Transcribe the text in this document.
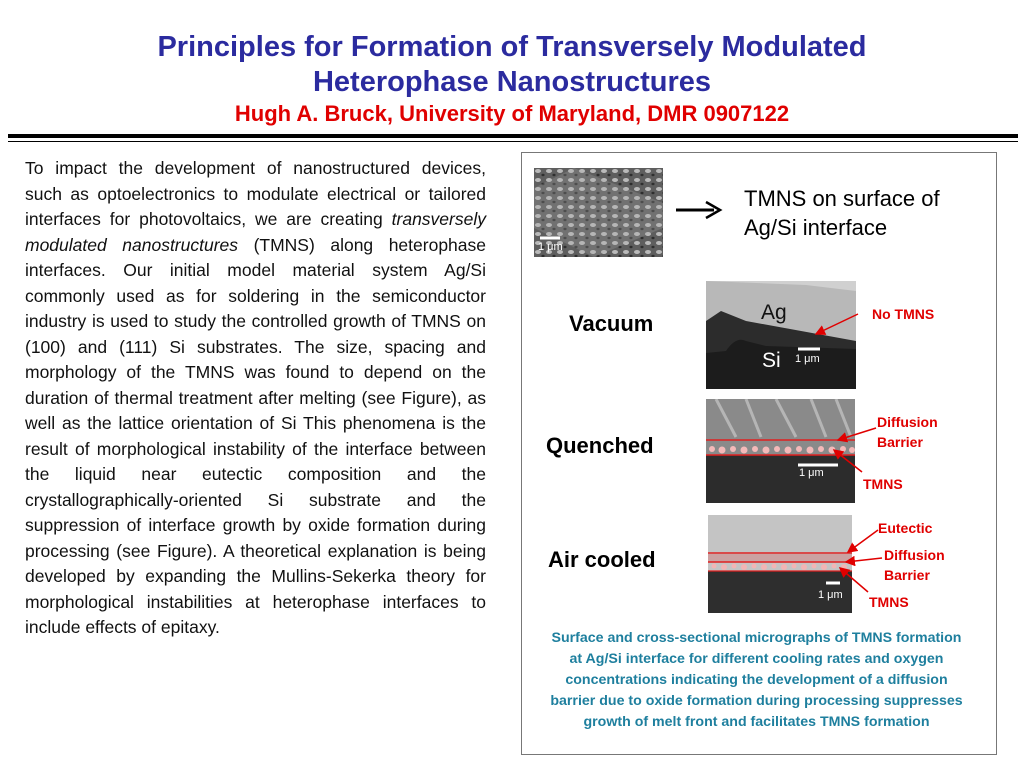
Principles for Formation of Transversely Modulated

Heterophase Nanostructures

Hugh A. Bruck, University of Maryland, DMR 0907122

To impact the development of nanostructured devices, such as optoelectronics to modulate electrical or tailored interfaces for photovoltaics, we are creating transversely modulated nanostructures (TMNS) along heterophase interfaces. Our initial model material system Ag/Si commonly used as for soldering in the semiconductor industry is used to study the controlled growth of TMNS on (100) and (111) Si substrates. The size, spacing and morphology of the TMNS was found to depend on the duration of thermal treatment after melting (see Figure), as well as the lattice orientation of Si This phenomena is the result of morphological instability of the interface between the liquid near eutectic composition and the crystallographically-oriented Si substrate and the suppression of interface growth by oxide formation during processing (see Figure). A theoretical explanation is being developed by expanding the Mullins-Sekerka theory for morphological instabilities at heterophase interfaces to include effects of epitaxy.

1 μm
TMNS on surface of Ag/Si interface
Vacuum	Ag
Si 1 μm
No TMNS
Quenched
1 μm
Diffusion Barrier
TMNS
Air cooled
1 μm
Eutectic
Diffusion Barrier
TMNS
Surface and cross-sectional micrographs of TMNS formation at Ag/Si interface for different cooling rates and oxygen concentrations indicating the development of a diffusion barrier due to oxide formation during processing suppresses growth of melt front and facilitates TMNS formation
